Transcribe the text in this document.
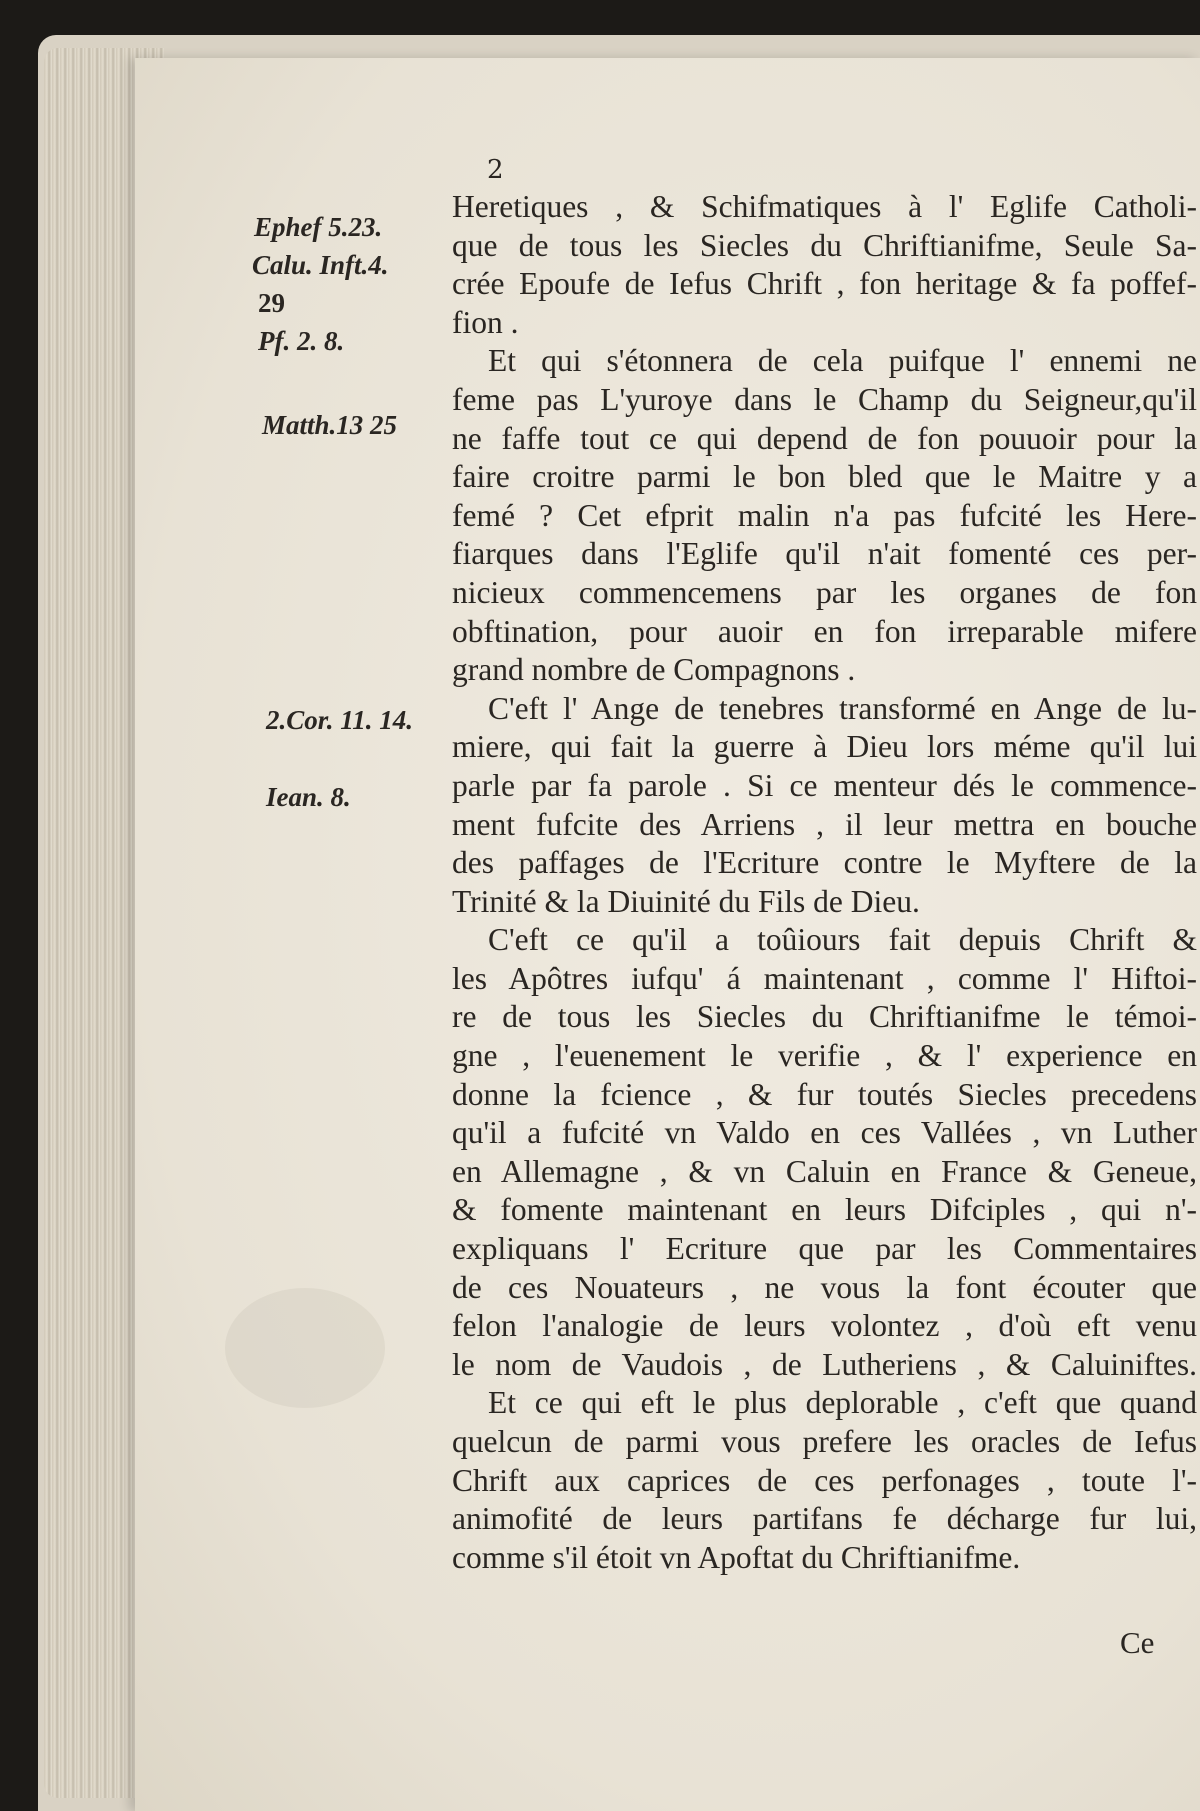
2
Ephef 5.23.
Calu. Inft.4.
29
Pf. 2. 8.
Matth.13 25
2.Cor. 11. 14.
Iean. 8.
Heretiques , & Schifmatiques à l' Eglife Catholi-
que de tous les Siecles du Chriftianifme, Seule Sa-
crée Epoufe de Iefus Chrift , fon heritage & fa poffef-
fion .
Et qui s'étonnera de cela puifque l' ennemi ne
feme pas L'yuroye dans le Champ du Seigneur,qu'il
ne faffe tout ce qui depend de fon pouuoir pour la
faire croitre parmi le bon bled que le Maitre y a
femé ? Cet efprit malin n'a pas fufcité les Here-
fiarques dans l'Eglife qu'il n'ait fomenté ces per-
nicieux commencemens par les organes de fon
obftination, pour auoir en fon irreparable mifere
grand nombre de Compagnons .
C'eft l' Ange de tenebres transformé en Ange de lu-
miere, qui fait la guerre à Dieu lors méme qu'il lui
parle par fa parole . Si ce menteur dés le commence-
ment fufcite des Arriens , il leur mettra en bouche
des paffages de l'Ecriture contre le Myftere de la
Trinité & la Diuinité du Fils de Dieu.
C'eft ce qu'il a toûiours fait depuis Chrift &
les Apôtres iufqu' á maintenant , comme l' Hiftoi-
re de tous les Siecles du Chriftianifme le témoi-
gne , l'euenement le verifie , & l' experience en
donne la fcience , & fur toutés Siecles precedens
qu'il a fufcité vn Valdo en ces Vallées , vn Luther
en Allemagne , & vn Caluin en France & Geneue,
& fomente maintenant en leurs Difciples , qui n'-
expliquans l' Ecriture que par les Commentaires
de ces Nouateurs , ne vous la font écouter que
felon l'analogie de leurs volontez , d'où eft venu
le nom de Vaudois , de Lutheriens , & Caluiniftes.
Et ce qui eft le plus deplorable , c'eft que quand
quelcun de parmi vous prefere les oracles de Iefus
Chrift aux caprices de ces perfonages , toute l'-
animofité de leurs partifans fe décharge fur lui,
comme s'il étoit vn Apoftat du Chriftianifme.
Ce
